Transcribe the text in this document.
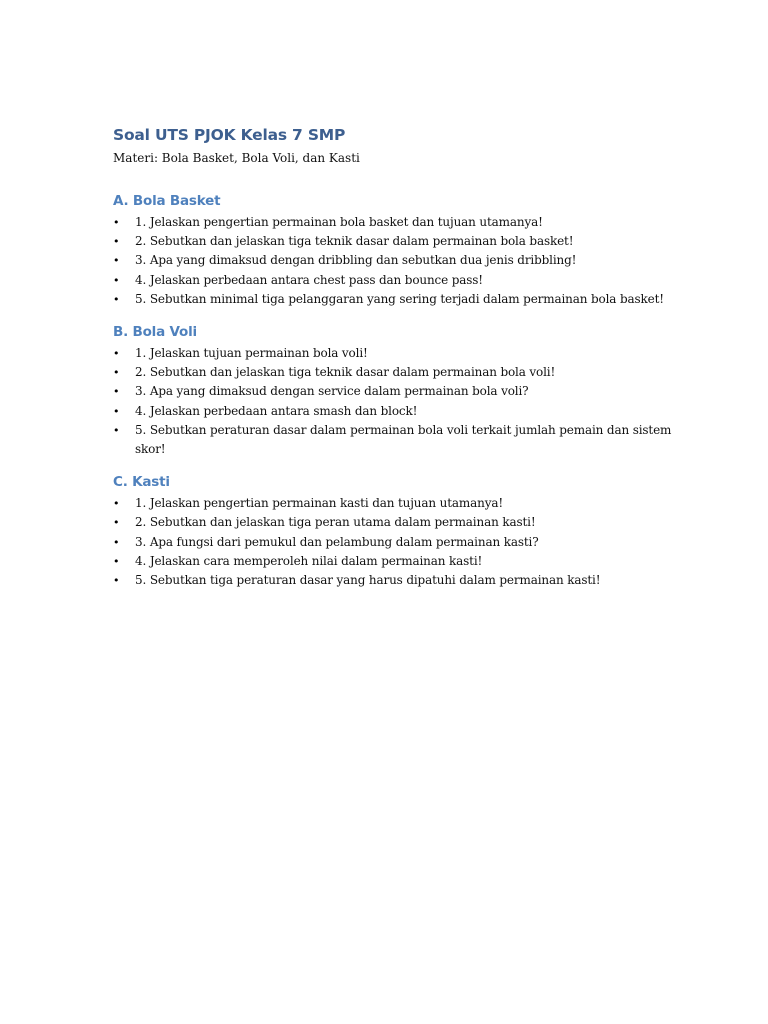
Soal UTS PJOK Kelas 7 SMP

Materi: Bola Basket, Bola Voli, dan Kasti

A. Bola Basket
• 1. Jelaskan pengertian permainan bola basket dan tujuan utamanya!
• 2. Sebutkan dan jelaskan tiga teknik dasar dalam permainan bola basket!
• 3. Apa yang dimaksud dengan dribbling dan sebutkan dua jenis dribbling!
• 4. Jelaskan perbedaan antara chest pass dan bounce pass!
• 5. Sebutkan minimal tiga pelanggaran yang sering terjadi dalam permainan bola basket!
B. Bola Voli
• 1. Jelaskan tujuan permainan bola voli!
• 2. Sebutkan dan jelaskan tiga teknik dasar dalam permainan bola voli!
• 3. Apa yang dimaksud dengan service dalam permainan bola voli?
• 4. Jelaskan perbedaan antara smash dan block!
• 5. Sebutkan peraturan dasar dalam permainan bola voli terkait jumlah pemain dan sistem skor!
C. Kasti
• 1. Jelaskan pengertian permainan kasti dan tujuan utamanya!
• 2. Sebutkan dan jelaskan tiga peran utama dalam permainan kasti!
• 3. Apa fungsi dari pemukul dan pelambung dalam permainan kasti?
• 4. Jelaskan cara memperoleh nilai dalam permainan kasti!
• 5. Sebutkan tiga peraturan dasar yang harus dipatuhi dalam permainan kasti!
